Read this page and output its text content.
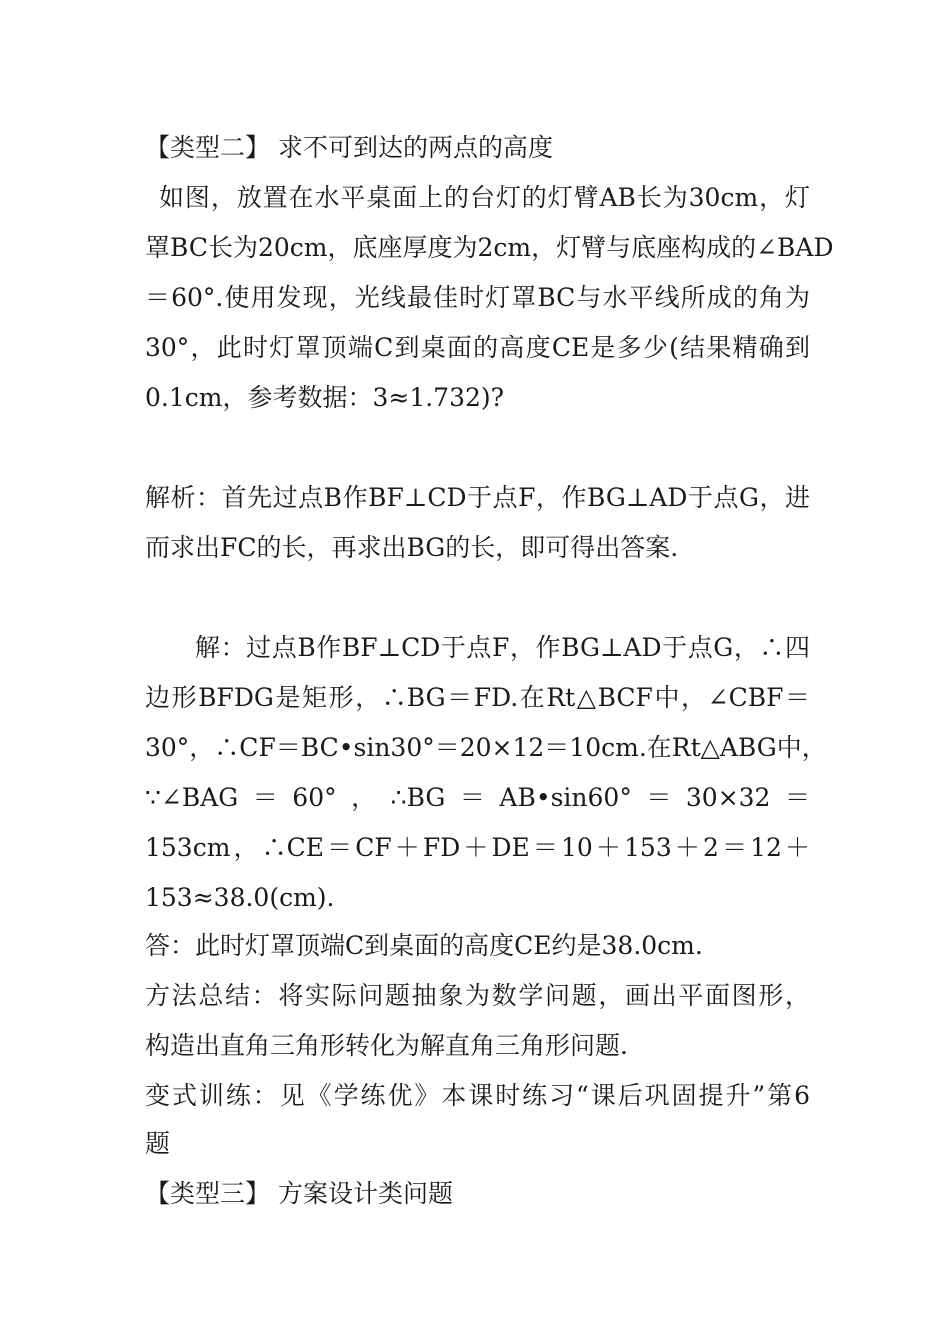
【类型二】 求不可到达的两点的高度
如图，放置在水平桌面上的台灯的灯臂AB长为30cm，灯
罩BC长为20cm，底座厚度为2cm，灯臂与底座构成的∠BAD
＝60°.使用发现，光线最佳时灯罩BC与水平线所成的角为
30°，此时灯罩顶端C到桌面的高度CE是多少(结果精确到
0.1cm，参考数据：3≈1.732)?
解析：首先过点B作BF⊥CD于点F，作BG⊥AD于点G，进
而求出FC的长，再求出BG的长，即可得出答案.
解：过点B作BF⊥CD于点F，作BG⊥AD于点G，∴四
边形BFDG是矩形，∴BG＝FD.在Rt△BCF中，∠CBF＝
30°，∴CF＝BC•sin30°＝20×12＝10cm.在Rt△ABG中，
∵∠BAG＝60°，∴BG＝AB•sin60°＝30×32＝
153cm，∴CE＝CF＋FD＋DE＝10＋153＋2＝12＋
153≈38.0(cm).
答：此时灯罩顶端C到桌面的高度CE约是38.0cm.
方法总结：将实际问题抽象为数学问题，画出平面图形，
构造出直角三角形转化为解直角三角形问题.
变式训练：见《学练优》本课时练习“课后巩固提升”第6
题
【类型三】 方案设计类问题
